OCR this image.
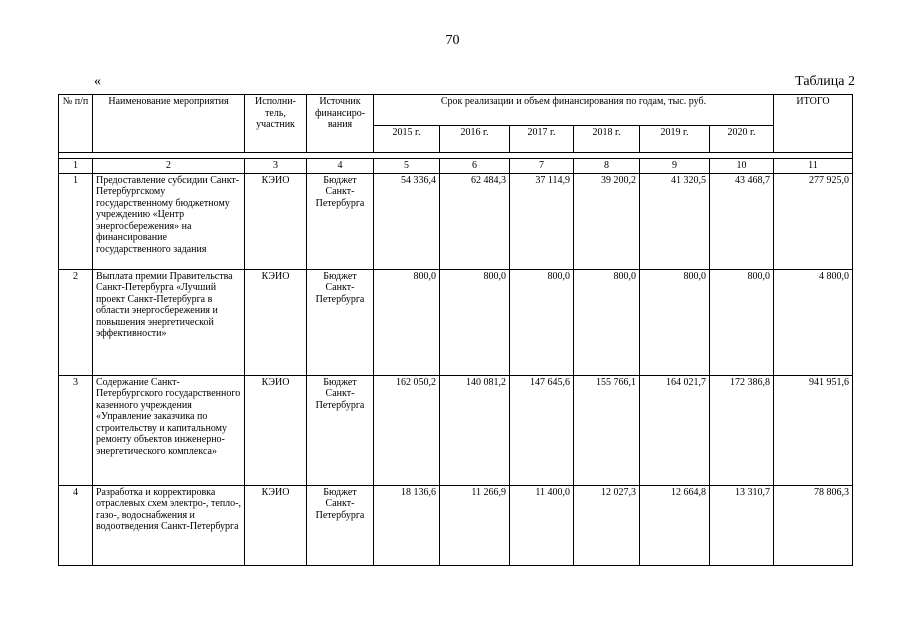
70
«	Таблица 2
№ п/п	Наименование мероприятия	Исполни-тель, участник	Источник финансиро-вания	Срок реализации и объем финансирования по годам, тыс. руб.						ИТОГО
				2015 г.	2016 г.	2017 г.	2018 г.	2019 г.	2020 г.	

1	2	3	4	5	6	7	8	9	10	11
1	Предоставление субсидии Санкт-Петербургскому государственному бюджетному учреждению «Центр энергосбережения» на финансирование государственного задания	КЭИО	Бюджет Санкт-Петербурга	54 336,4	62 484,3	37 114,9	39 200,2	41 320,5	43 468,7	277 925,0
2	Выплата премии Правительства Санкт-Петербурга «Лучший проект Санкт-Петербурга в области энергосбережения и повышения энергетической эффективности»	КЭИО	Бюджет Санкт-Петербурга	800,0	800,0	800,0	800,0	800,0	800,0	4 800,0
3	Содержание Санкт-Петербургского государственного казенного учреждения «Управление заказчика по строительству и капитальному ремонту объектов инженерно-энергетического комплекса»	КЭИО	Бюджет Санкт-Петербурга	162 050,2	140 081,2	147 645,6	155 766,1	164 021,7	172 386,8	941 951,6
4	Разработка и корректировка отраслевых схем электро-, тепло-, газо-, водоснабжения и водоотведения Санкт-Петербурга	КЭИО	Бюджет Санкт-Петербурга	18 136,6	11 266,9	11 400,0	12 027,3	12 664,8	13 310,7	78 806,3
